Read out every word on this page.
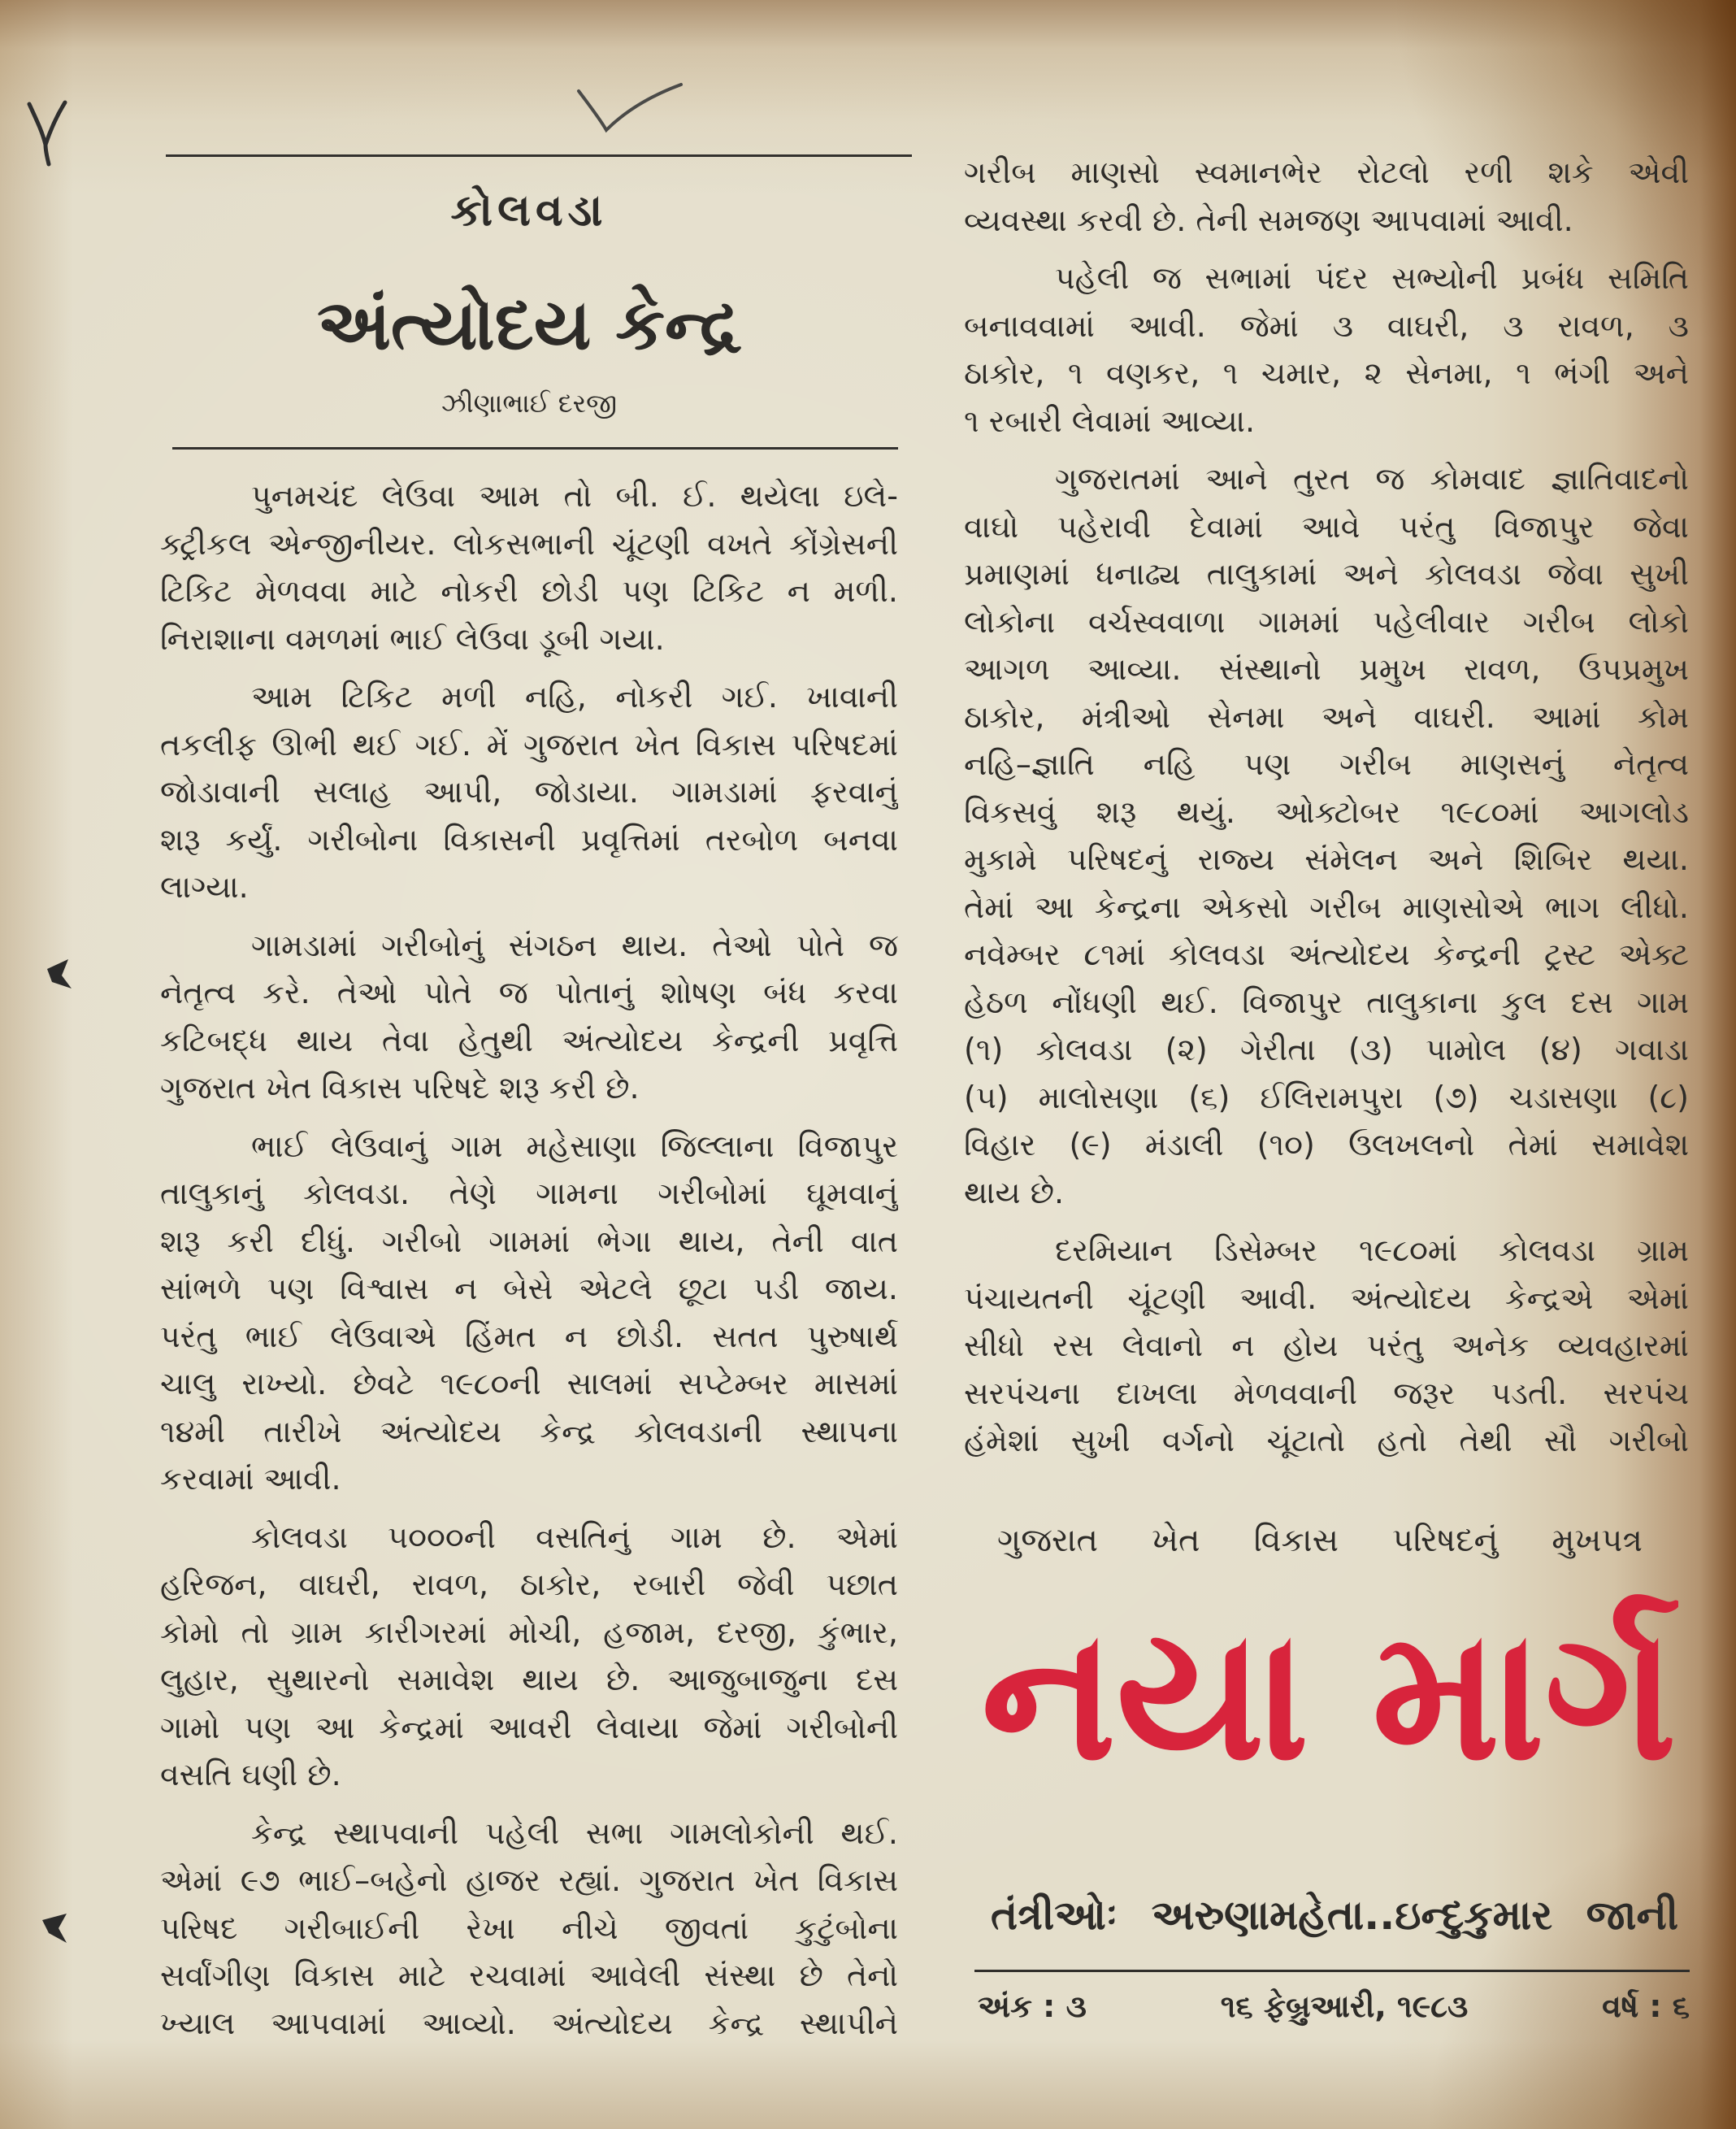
કોલવડા
અંત્યોદય કેન્દ્ર
ઝીણાભાઈ દરજી
પુનમચંદ લેઉવા આમ તો બી. ઈ. થયેલા ઇલે-
ક્ટ્રીકલ એન્જીનીયર. લોકસભાની ચૂંટણી વખતે કોંગ્રેસની
ટિકિટ મેળવવા માટે નોકરી છોડી પણ ટિકિટ ન મળી.
નિરાશાના વમળમાં ભાઈ લેઉવા ડૂબી ગયા.
આમ ટિકિટ મળી નહિ, નોકરી ગઈ. ખાવાની
તકલીફ ઊભી થઈ ગઈ. મેં ગુજરાત ખેત વિકાસ પરિષદમાં
જોડાવાની સલાહ આપી, જોડાયા. ગામડામાં ફરવાનું
શરૂ કર્યું. ગરીબોના વિકાસની પ્રવૃત્તિમાં તરબોળ બનવા
લાગ્યા.
ગામડામાં ગરીબોનું સંગઠન થાય. તેઓ પોતે જ
નેતૃત્વ કરે. તેઓ પોતે જ પોતાનું શોષણ બંધ કરવા
કટિબદ્ધ થાય તેવા હેતુથી અંત્યોદય કેન્દ્રની પ્રવૃત્તિ
ગુજરાત ખેત વિકાસ પરિષદે શરૂ કરી છે.
ભાઈ લેઉવાનું ગામ મહેસાણા જિલ્લાના વિજાપુર
તાલુકાનું કોલવડા. તેણે ગામના ગરીબોમાં ઘૂમવાનું
શરૂ કરી દીધું. ગરીબો ગામમાં ભેગા થાય, તેની વાત
સાંભળે પણ વિશ્વાસ ન બેસે એટલે છૂટા પડી જાય.
પરંતુ ભાઈ લેઉવાએ હિંમત ન છોડી. સતત પુરુષાર્થ
ચાલુ રાખ્યો. છેવટે ૧૯૮૦ની સાલમાં સપ્ટેમ્બર માસમાં
૧૪મી તારીખે અંત્યોદય કેન્દ્ર કોલવડાની સ્થાપના
કરવામાં આવી.
કોલવડા ૫૦૦૦ની વસતિનું ગામ છે. એમાં
હરિજન, વાઘરી, રાવળ, ઠાકોર, રબારી જેવી પછાત
કોમો તો ગ્રામ કારીગરમાં મોચી, હજામ, દરજી, કુંભાર,
લુહાર, સુથારનો સમાવેશ થાય છે. આજુબાજુના દસ
ગામો પણ આ કેન્દ્રમાં આવરી લેવાયા જેમાં ગરીબોની
વસતિ ઘણી છે.
કેન્દ્ર સ્થાપવાની પહેલી સભા ગામલોકોની થઈ.
એમાં ૯૭ ભાઈ–બહેનો હાજર રહ્યાં. ગુજરાત ખેત વિકાસ
પરિષદ ગરીબાઈની રેખા નીચે જીવતાં કુટુંબોના
સર્વાંગીણ વિકાસ માટે રચવામાં આવેલી સંસ્થા છે તેનો
ખ્યાલ આપવામાં આવ્યો. અંત્યોદય કેન્દ્ર સ્થાપીને
ગરીબ માણસો સ્વમાનભેર રોટલો રળી શકે એવી
વ્યવસ્થા કરવી છે. તેની સમજણ આપવામાં આવી.
પહેલી જ સભામાં પંદર સભ્યોની પ્રબંધ સમિતિ
બનાવવામાં આવી. જેમાં ૩ વાઘરી, ૩ રાવળ, ૩
ઠાકોર, ૧ વણકર, ૧ ચમાર, ૨ સેનમા, ૧ ભંગી અને
૧ રબારી લેવામાં આવ્યા.
ગુજરાતમાં આને તુરત જ કોમવાદ જ્ઞાતિવાદનો
વાઘો પહેરાવી દેવામાં આવે પરંતુ વિજાપુર જેવા
પ્રમાણમાં ધનાઢ્ય તાલુકામાં અને કોલવડા જેવા સુખી
લોકોના વર્ચસ્વવાળા ગામમાં પહેલીવાર ગરીબ લોકો
આગળ આવ્યા. સંસ્થાનો પ્રમુખ રાવળ, ઉપપ્રમુખ
ઠાકોર, મંત્રીઓ સેનમા અને વાઘરી. આમાં કોમ
નહિ–જ્ઞાતિ નહિ પણ ગરીબ માણસનું નેતૃત્વ
વિકસવું શરૂ થયું. ઓક્ટોબર ૧૯૮૦માં આગલોડ
મુકામે પરિષદનું રાજ્ય સંમેલન અને શિબિર થયા.
તેમાં આ કેન્દ્રના એકસો ગરીબ માણસોએ ભાગ લીધો.
નવેમ્બર ૮૧માં કોલવડા અંત્યોદય કેન્દ્રની ટ્રસ્ટ એક્ટ
હેઠળ નોંધણી થઈ. વિજાપુર તાલુકાના કુલ દસ ગામ
(૧) કોલવડા (૨) ગેરીતા (૩) પામોલ (૪) ગવાડા
(૫) માલોસણા (૬) ઈલિરામપુરા (૭) ચડાસણા (૮)
વિહાર (૯) મંડાલી (૧૦) ઉલખલનો તેમાં સમાવેશ
થાય છે.
દરમિયાન ડિસેમ્બર ૧૯૮૦માં કોલવડા ગ્રામ
પંચાયતની ચૂંટણી આવી. અંત્યોદય કેન્દ્રએ એમાં
સીધો રસ લેવાનો ન હોય પરંતુ અનેક વ્યવહારમાં
સરપંચના દાખલા મેળવવાની જરૂર પડતી. સરપંચ
હંમેશાં સુખી વર્ગનો ચૂંટાતો હતો તેથી સૌ ગરીબો
ગુજરાત ખેત વિકાસ પરિષદનું મુખપત્ર
નયા માર્ગ
તંત્રીઓઃ અરુણામહેતા..ઇન્દુકુમાર જાની
અંક : ૩	૧૬ ફેબ્રુઆરી, ૧૯૮૩	વર્ષ : ૬
